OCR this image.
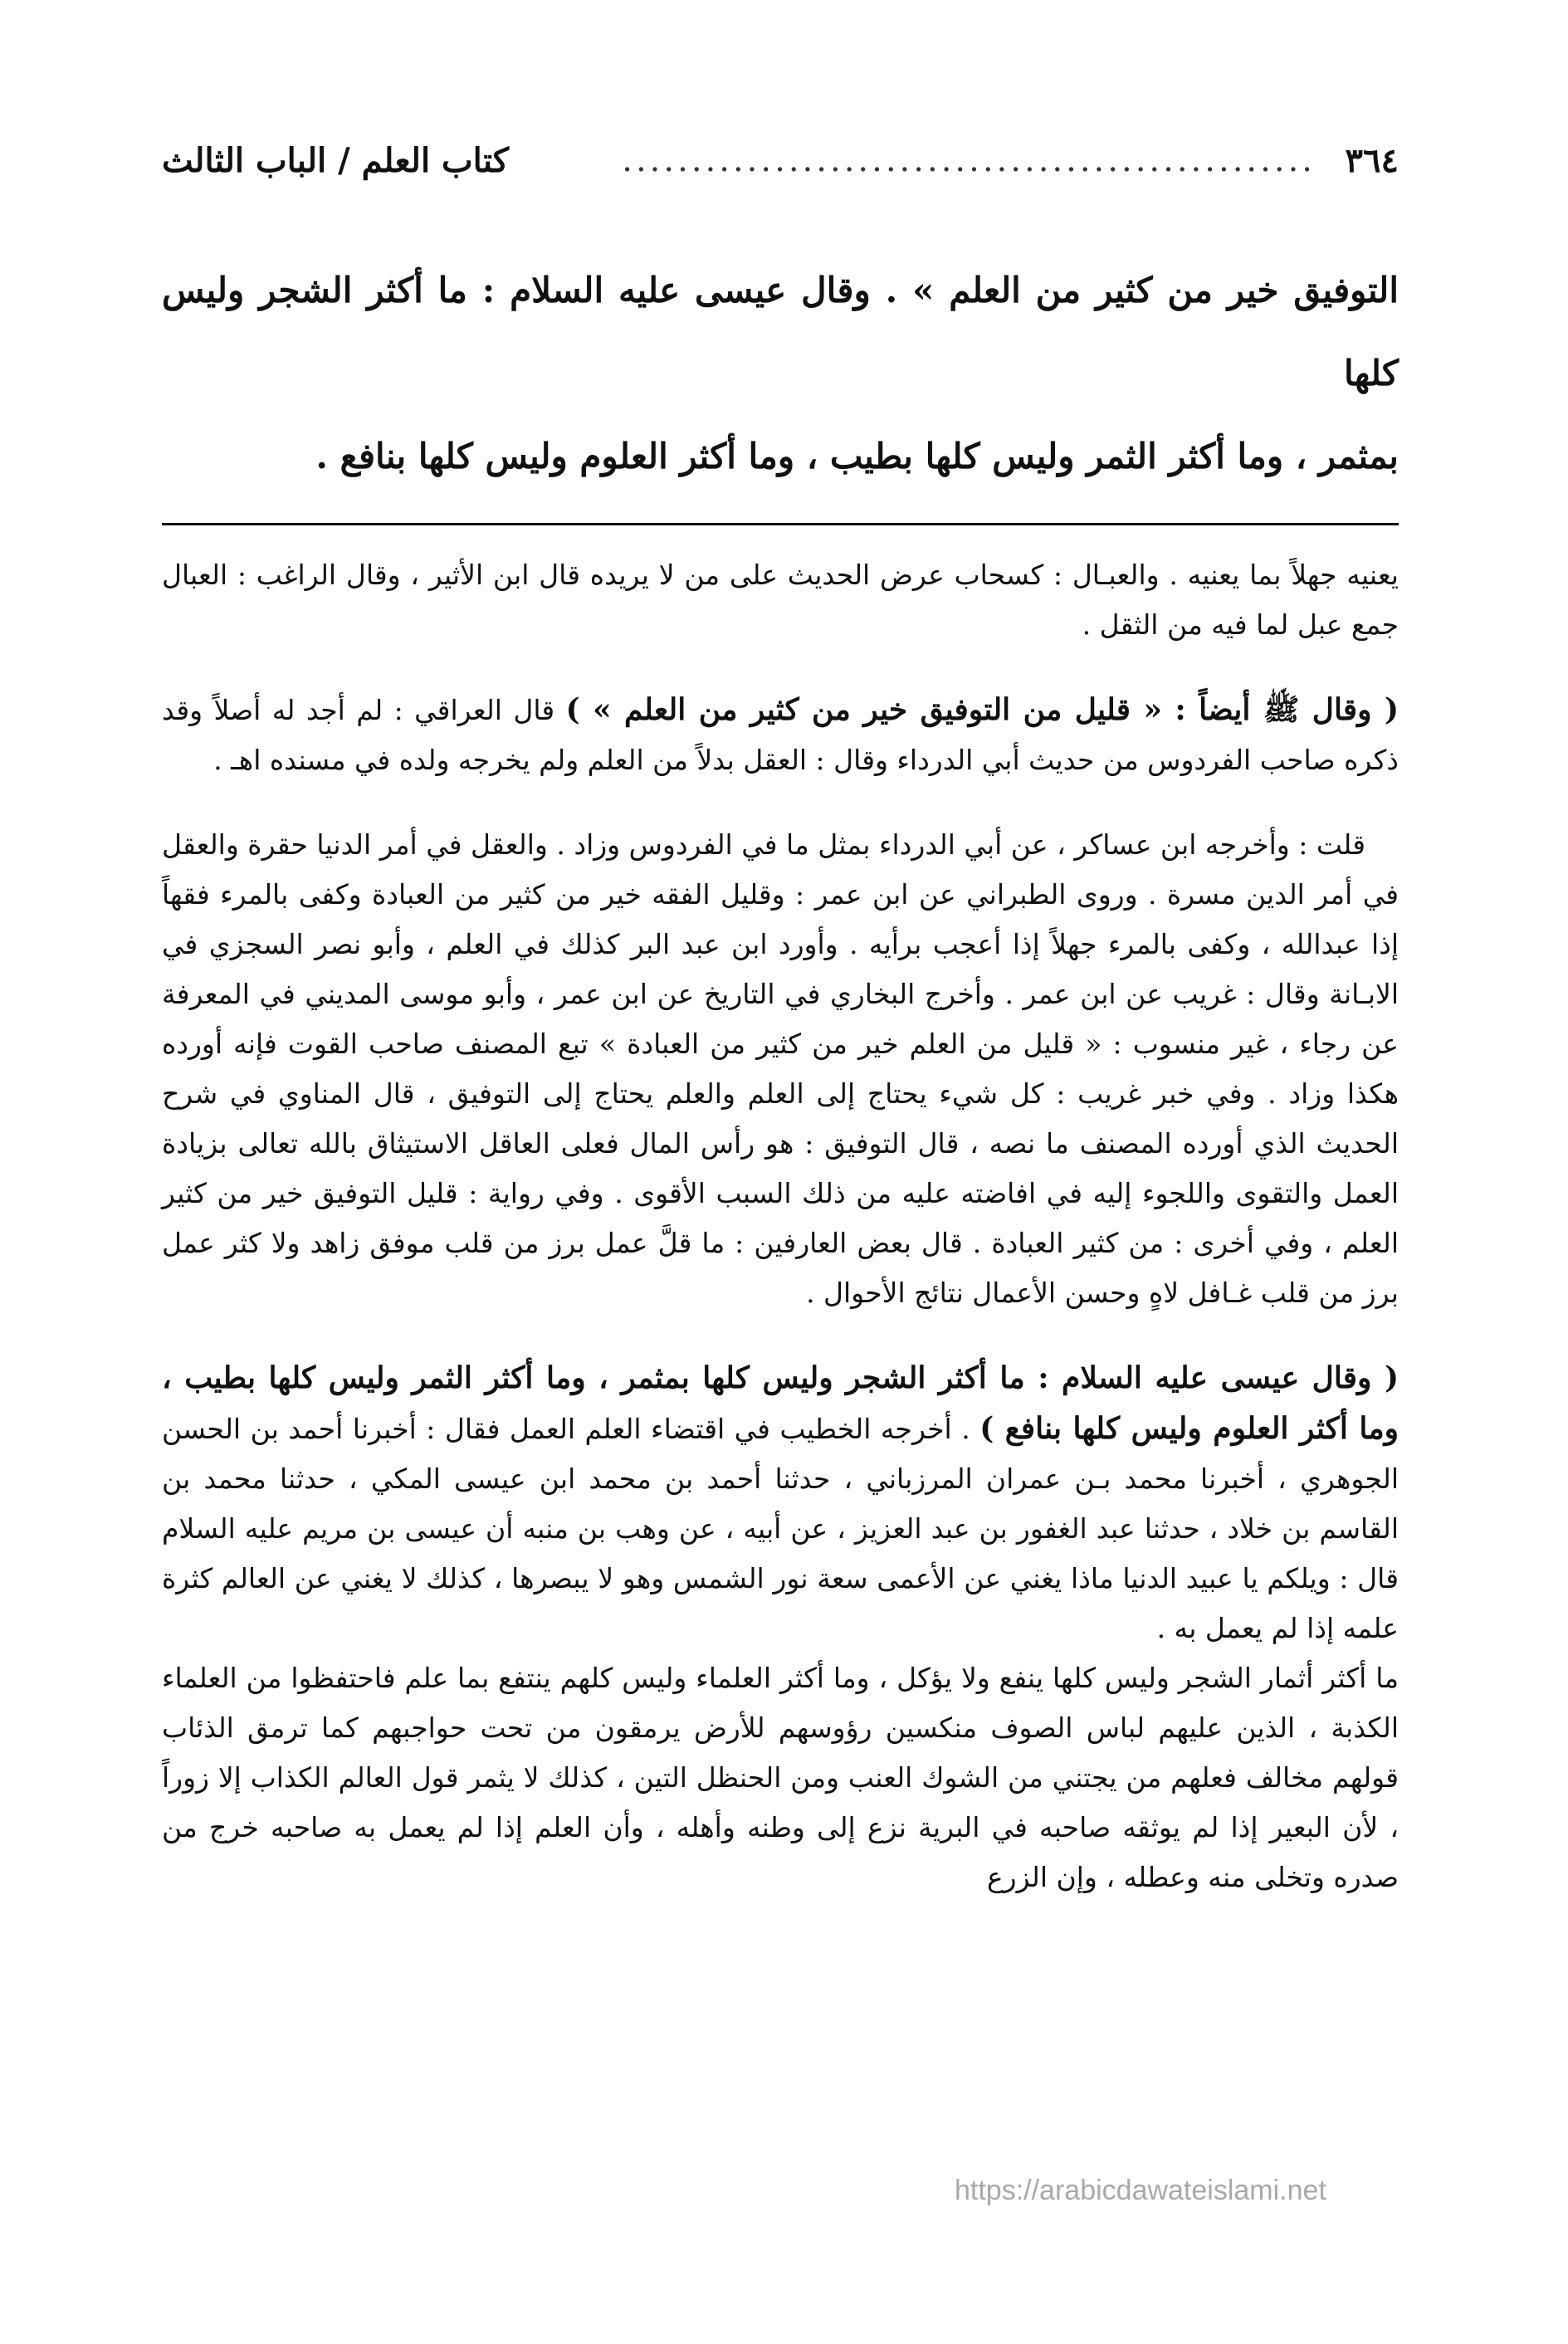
٣٦٤
..................................................
كتاب العلم / الباب الثالث

التوفيق خير من كثير من العلم » . وقال عيسى عليه السلام : ما أكثر الشجر وليس كلها

بمثمر ، وما أكثر الثمر وليس كلها بطيب ، وما أكثر العلوم وليس كلها بنافع .

يعنيه جهلاً بما يعنيه . والعبـال : كسحاب عرض الحديث على من لا يريده قال ابن الأثير ، وقال الراغب : العبال جمع عبل لما فيه من الثقل .

( وقال ﷺ أيضاً : « قليل من التوفيق خير من كثير من العلم » ) قال العراقي : لم أجد له أصلاً وقد ذكره صاحب الفردوس من حديث أبي الدرداء وقال : العقل بدلاً من العلم ولم يخرجه ولده في مسنده اهـ .

قلت : وأخرجه ابن عساكر ، عن أبي الدرداء بمثل ما في الفردوس وزاد . والعقل في أمر الدنيا حقرة والعقل في أمر الدين مسرة . وروى الطبراني عن ابن عمر : وقليل الفقه خير من كثير من العبادة وكفى بالمرء فقهاً إذا عبدالله ، وكفى بالمرء جهلاً إذا أعجب برأيه . وأورد ابن عبد البر كذلك في العلم ، وأبو نصر السجزي في الابـانة وقال : غريب عن ابن عمر . وأخرج البخاري في التاريخ عن ابن عمر ، وأبو موسى المديني في المعرفة عن رجاء ، غير منسوب : « قليل من العلم خير من كثير من العبادة » تبع المصنف صاحب القوت فإنه أورده هكذا وزاد . وفي خبر غريب : كل شيء يحتاج إلى العلم والعلم يحتاج إلى التوفيق ، قال المناوي في شرح الحديث الذي أورده المصنف ما نصه ، قال التوفيق : هو رأس المال فعلى العاقل الاستيثاق بالله تعالى بزيادة العمل والتقوى واللجوء إليه في افاضته عليه من ذلك السبب الأقوى . وفي رواية : قليل التوفيق خير من كثير العلم ، وفي أخرى : من كثير العبادة . قال بعض العارفين : ما قلَّ عمل برز من قلب موفق زاهد ولا كثر عمل برز من قلب غـافل لاهٍ وحسن الأعمال نتائج الأحوال .

( وقال عيسى عليه السلام : ما أكثر الشجر وليس كلها بمثمر ، وما أكثر الثمر وليس كلها بطيب ، وما أكثر العلوم وليس كلها بنافع ) . أخرجه الخطيب في اقتضاء العلم العمل فقال : أخبرنا أحمد بن الحسن الجوهري ، أخبرنا محمد بـن عمران المرزباني ، حدثنا أحمد بن محمد ابن عيسى المكي ، حدثنا محمد بن القاسم بن خلاد ، حدثنا عبد الغفور بن عبد العزيز ، عن أبيه ، عن وهب بن منبه أن عيسى بن مريم عليه السلام قال : ويلكم يا عبيد الدنيا ماذا يغني عن الأعمى سعة نور الشمس وهو لا يبصرها ، كذلك لا يغني عن العالم كثرة علمه إذا لم يعمل به .

ما أكثر أثمار الشجر وليس كلها ينفع ولا يؤكل ، وما أكثر العلماء وليس كلهم ينتفع بما علم فاحتفظوا من العلماء الكذبة ، الذين عليهم لباس الصوف منكسين رؤوسهم للأرض يرمقون من تحت حواجبهم كما ترمق الذئاب قولهم مخالف فعلهم من يجتني من الشوك العنب ومن الحنظل التين ، كذلك لا يثمر قول العالم الكذاب إلا زوراً ، لأن البعير إذا لم يوثقه صاحبه في البرية نزع إلى وطنه وأهله ، وأن العلم إذا لم يعمل به صاحبه خرج من صدره وتخلى منه وعطله ، وإن الزرع

https://arabicdawateislami.net
